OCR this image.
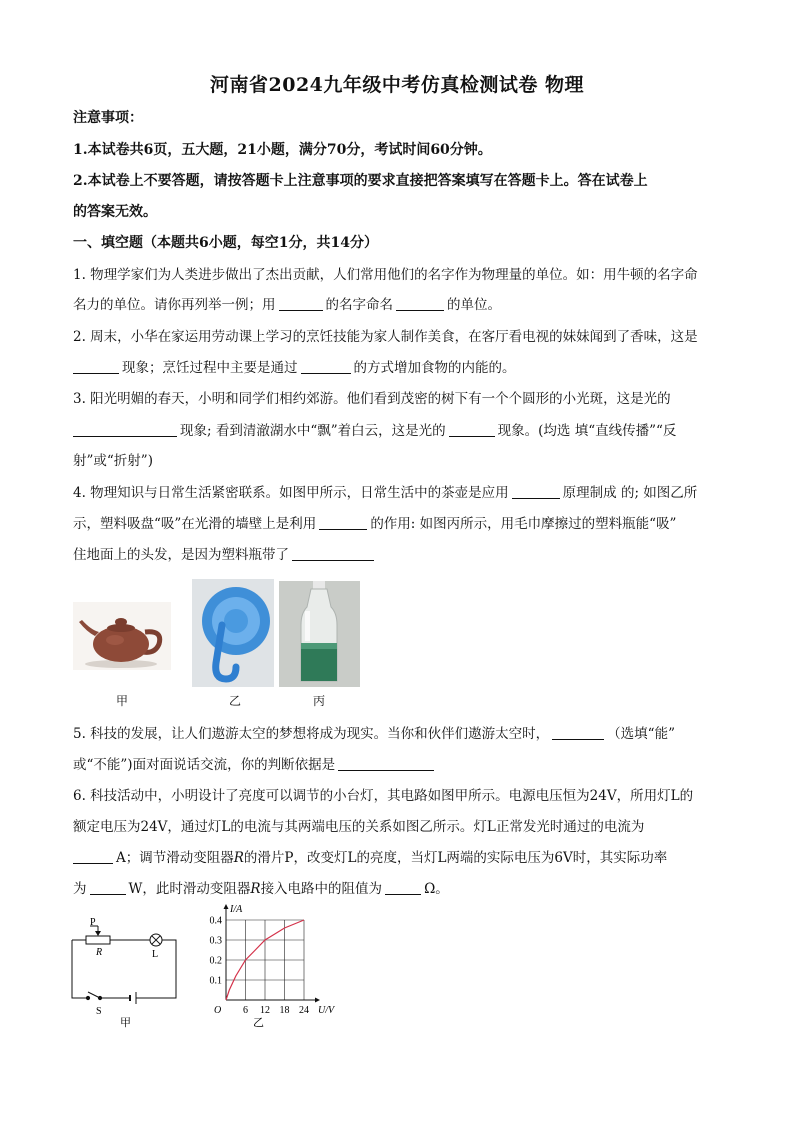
河南省2024九年级中考仿真检测试卷 物理
注意事项：
1.本试卷共6页，五大题，21小题，满分70分，考试时间60分钟。
2.本试卷上不要答题，请按答题卡上注意事项的要求直接把答案填写在答题卡上。答在试卷上
的答案无效。
一、填空题（本题共6小题，每空1分，共14分）
1. 物理学家们为人类进步做出了杰出贡献，人们常用他们的名字作为物理量的单位。如：用牛顿的名字命
名力的单位。请你再列举一例；用	的名字命名	的单位。
2. 周末，小华在家运用劳动课上学习的烹饪技能为家人制作美食，在客厅看电视的妹妹闻到了香味，这是
现象；烹饪过程中主要是通过	的方式增加食物的内能的。
3. 阳光明媚的春天，小明和同学们相约郊游。他们看到茂密的树下有一个个圆形的小光斑，这是光的
现象; 看到清澈湖水中“飘”着白云，这是光的	现象。(均选 填“直线传播”“反
射”或“折射”)
4. 物理知识与日常生活紧密联系。如图甲所示，日常生活中的茶壶是应用	原理制成 的; 如图乙所
示，塑料吸盘“吸”在光滑的墙壁上是利用	的作用: 如图丙所示，用毛巾摩擦过的塑料瓶能“吸”
住地面上的头发，是因为塑料瓶带了
甲	乙	丙
5. 科技的发展，让人们遨游太空的梦想将成为现实。当你和伙伴们遨游太空时，	（选填“能”
或“不能”)面对面说话交流，你的判断依据是
6. 科技活动中，小明设计了亮度可以调节的小台灯，其电路如图甲所示。电源电压恒为24V，所用灯L的
额定电压为24V，通过灯L的电流与其两端电压的关系如图乙所示。灯L正常发光时通过的电流为
A；调节滑动变阻器R的滑片P，改变灯L的亮度，当灯L两端的实际电压为6V时，其实际功率
为	W，此时滑动变阻器R接入电路中的阻值为	Ω。
P
R	L
S
甲
6 12 18 24
0.1
0.2
0.3
0.4
I/A
U/V
O
乙
